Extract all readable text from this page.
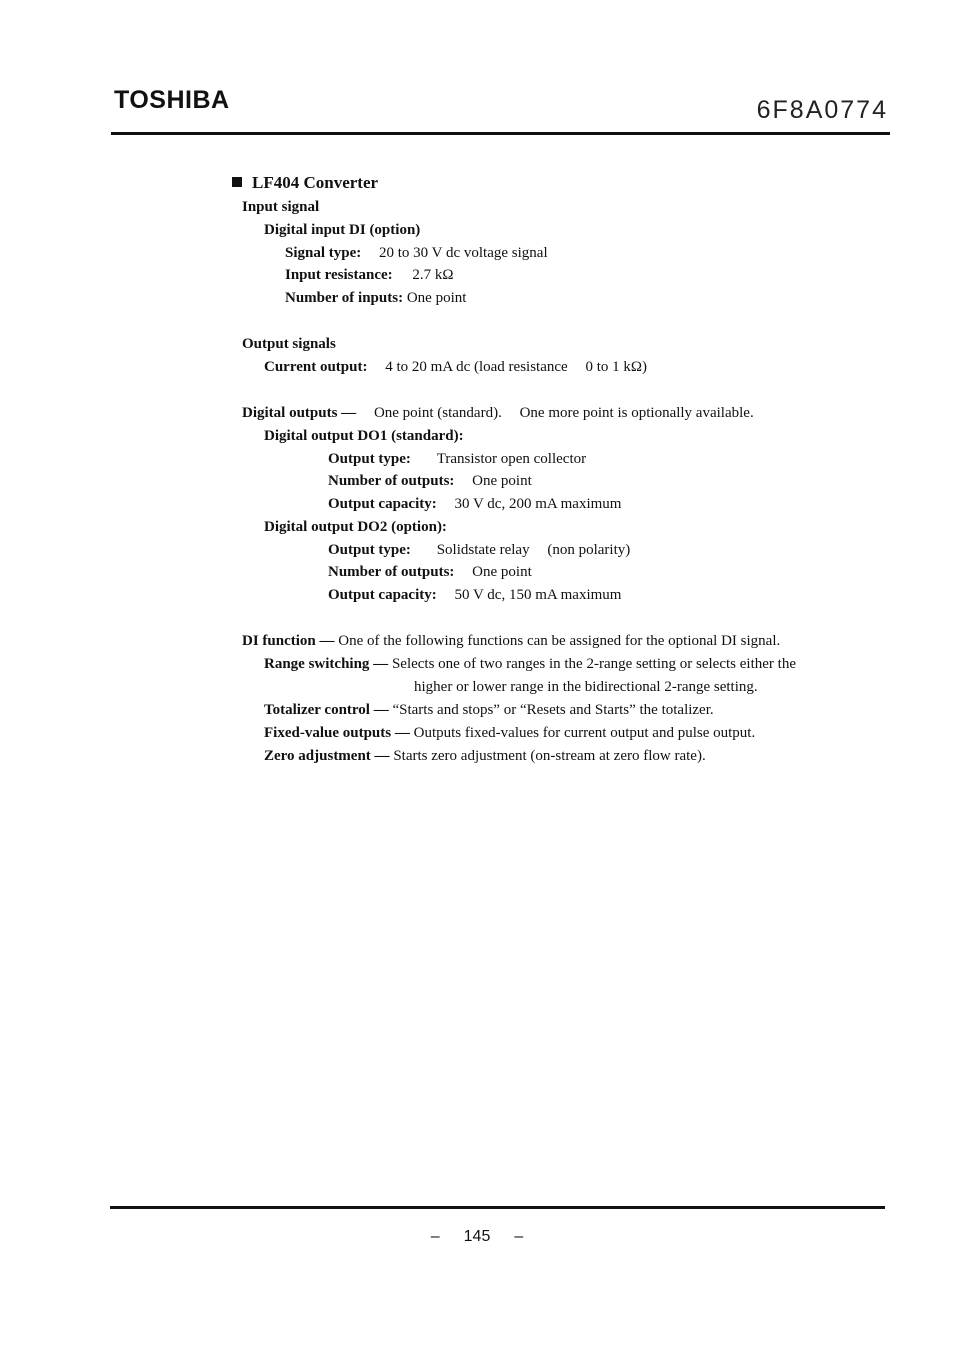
TOSHIBA	6F8A0774
LF404 Converter
Input signal
Digital input DI (option)
Signal type: 20 to 30 V dc voltage signal
Input resistance: 2.7 kΩ
Number of inputs: One point
Output signals
Current output: 4 to 20 mA dc (load resistance 0 to 1 kΩ)
Digital outputs — One point (standard). One more point is optionally available.
Digital output DO1 (standard):
Output type: Transistor open collector
Number of outputs: One point
Output capacity: 30 V dc, 200 mA maximum
Digital output DO2 (option):
Output type: Solidstate relay (non polarity)
Number of outputs: One point
Output capacity: 50 V dc, 150 mA maximum
DI function — One of the following functions can be assigned for the optional DI signal.
Range switching — Selects one of two ranges in the 2-range setting or selects either the
higher or lower range in the bidirectional 2-range setting.
Totalizer control — “Starts and stops” or “Resets and Starts” the totalizer.
Fixed-value outputs — Outputs fixed-values for current output and pulse output.
Zero adjustment — Starts zero adjustment (on-stream at zero flow rate).
– 145 –
